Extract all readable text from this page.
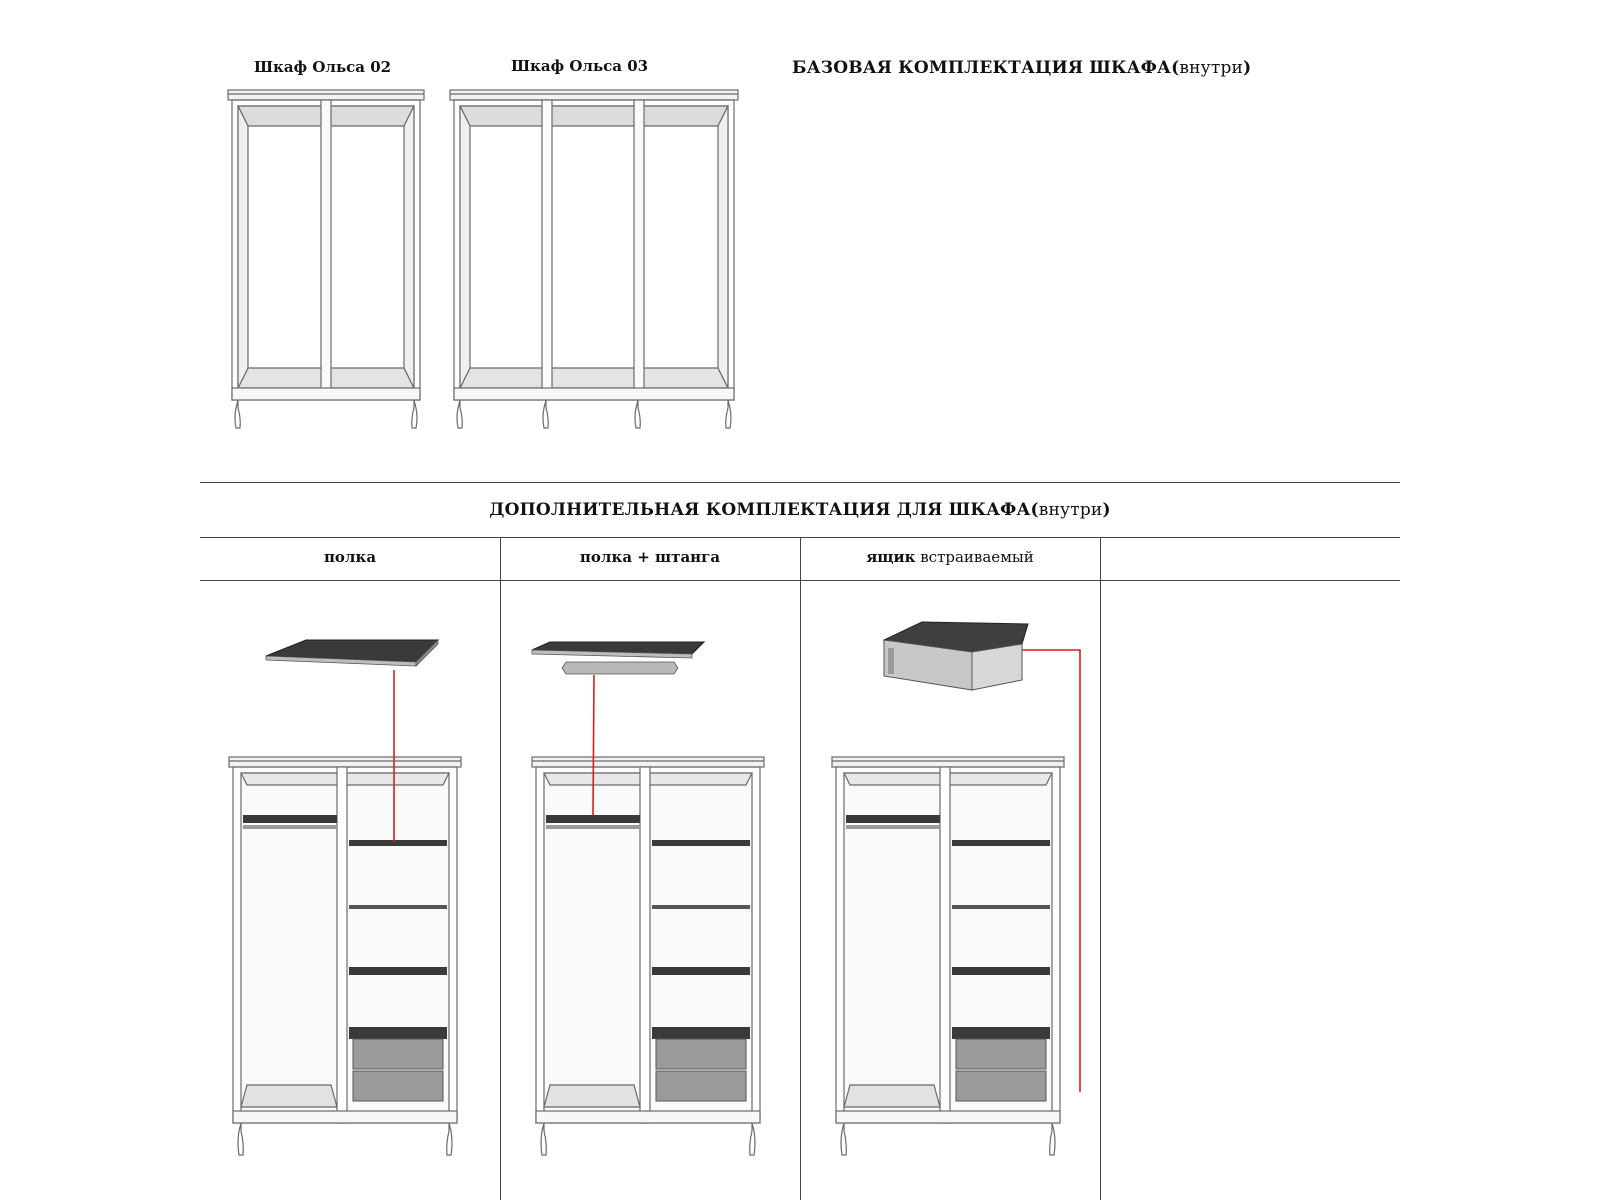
Шкаф Ольса 02	Шкаф Ольса 03	БАЗОВАЯ КОМПЛЕКТАЦИЯ ШКАФА(внутри)
ДОПОЛНИТЕЛЬНАЯ КОМПЛЕКТАЦИЯ ДЛЯ ШКАФА(внутри)
полка	полка + штанга	ящик встраиваемый
